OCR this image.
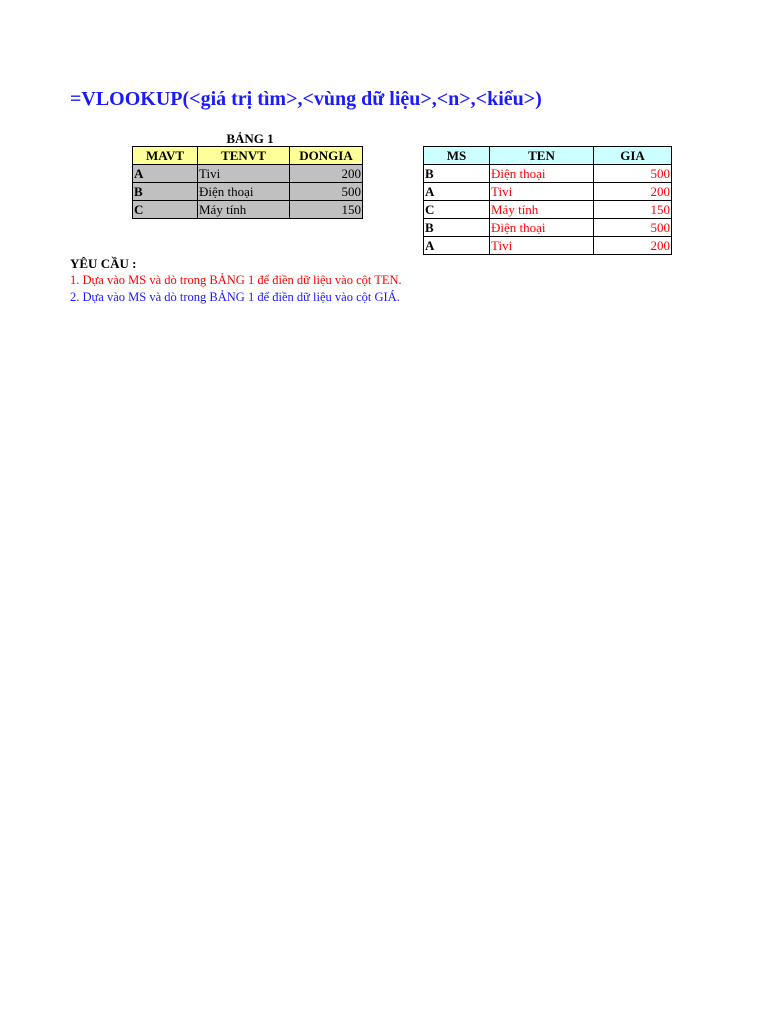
=VLOOKUP(<giá trị tìm>,<vùng dữ liệu>,<n>,<kiểu>)
BẢNG 1
MAVT	TENVT	DONGIA
A	Tivi	200
B	Điện thoại	500
C	Máy tính	150
MS	TEN	GIA
B	Điện thoại	500
A	Tivi	200
C	Máy tính	150
B	Điện thoại	500
A	Tivi	200
YÊU CẦU :
1. Dựa vào MS và dò trong BẢNG 1 để điền dữ liệu vào cột TEN.
2. Dựa vào MS và dò trong BẢNG 1 để điền dữ liệu vào cột GIÁ.
